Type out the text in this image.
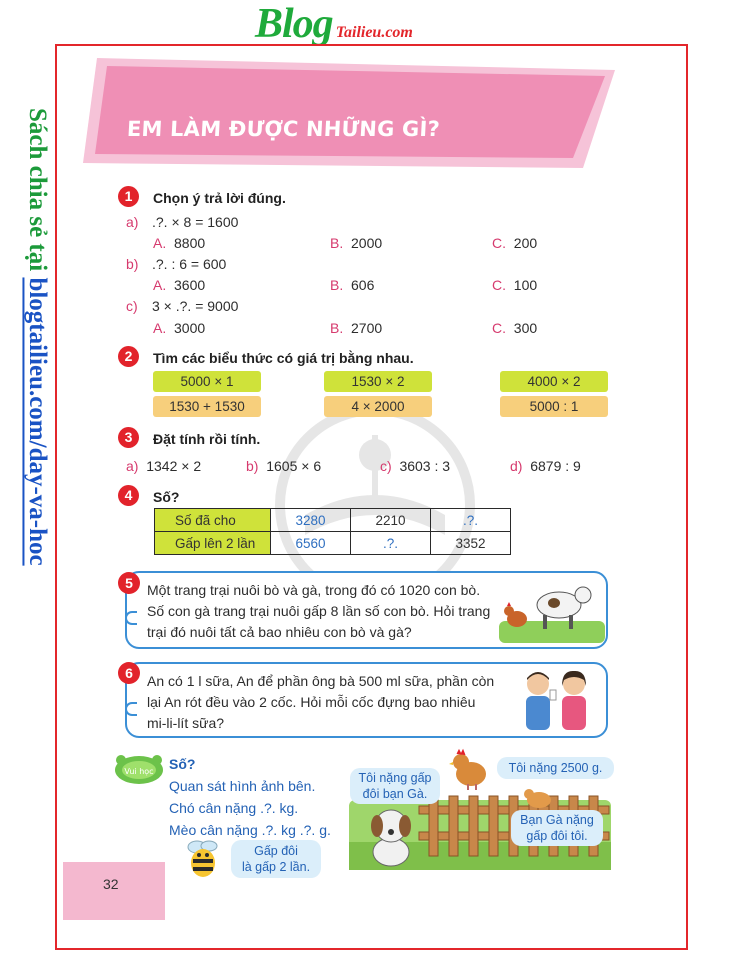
Blog Tailieu.com
Sách chia sẻ tại blogtailieu.com/day-va-hoc
EM LÀM ĐƯỢC NHỮNG GÌ?
1	Chọn ý trả lời đúng.
a) .?. × 8 = 1600
A. 8800	B. 2000	C. 200
b) .?. : 6 = 600
A. 3600	B. 606	C. 100
c) 3 × .?. = 9000
A. 3000	B. 2700	C. 300
2	Tìm các biểu thức có giá trị bằng nhau.
5000 × 1	1530 × 2	4000 × 2
1530 + 1530	4 × 2000	5000 : 1
3	Đặt tính rồi tính.
a) 1342 × 2	b) 1605 × 6	c) 3603 : 3	d) 6879 : 9
4	Số?
Số đã cho	3280	2210	.?.
Gấp lên 2 lần	6560	.?.	3352
Một trang trại nuôi bò và gà, trong đó có 1020 con bò.
Số con gà trang trại nuôi gấp 8 lần số con bò. Hỏi trang
trại đó nuôi tất cả bao nhiêu con bò và gà?
5
An có 1 l sữa, An để phần ông bà 500 ml sữa, phần còn
lại An rót đều vào 2 cốc. Hỏi mỗi cốc đựng bao nhiêu
mi-li-lít sữa?
6
Vui học Số?
Quan sát hình ảnh bên.
Chó cân nặng .?. kg.
Mèo cân nặng .?. kg .?. g.
Gấp đôi
là gấp 2 lần.
Tôi nặng gấp
đôi bạn Gà.
Tôi nặng 2500 g.
Bạn Gà nặng
gấp đôi tôi.
32
